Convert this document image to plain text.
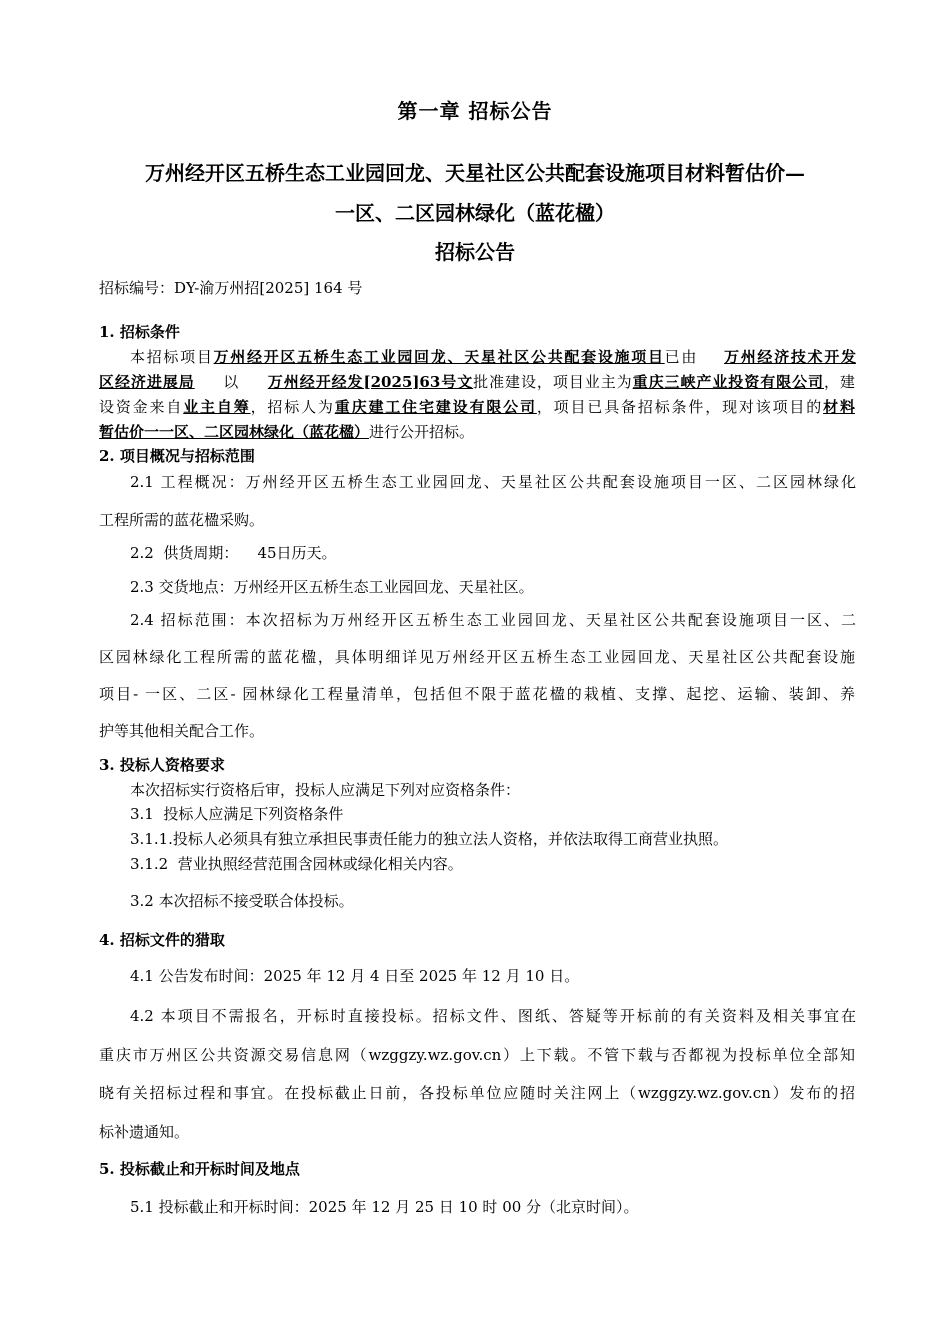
第一章 招标公告
万州经开区五桥生态工业园回龙、天星社区公共配套设施项目材料暂估价—
一区、二区园林绿化（蓝花楹）
招标公告
招标编号：DY-渝万州招[2025] 164 号
1. 招标条件
本招标项目万州经开区五桥生态工业园回龙、天星社区公共配套设施项目已由 万州经济技术开发
区经济进展局 以 万州经开经发[2025]63号文批准建设，项目业主为重庆三峡产业投资有限公司，建
设资金来自业主自筹，招标人为重庆建工住宅建设有限公司，项目已具备招标条件，现对该项目的材料
暂估价一一区、二区园林绿化（蓝花楹）进行公开招标。
2. 项目概况与招标范围
2.1 工程概况：万州经开区五桥生态工业园回龙、天星社区公共配套设施项目一区、二区园林绿化
工程所需的蓝花楹采购。
2.2  供货周期：    45日历天。
2.3 交货地点：万州经开区五桥生态工业园回龙、天星社区。
2.4 招标范围：本次招标为万州经开区五桥生态工业园回龙、天星社区公共配套设施项目一区、二
区园林绿化工程所需的蓝花楹，具体明细详见万州经开区五桥生态工业园回龙、天星社区公共配套设施
项目- 一区、二区- 园林绿化工程量清单，包括但不限于蓝花楹的栽植、支撑、起挖、运输、装卸、养
护等其他相关配合工作。
3. 投标人资格要求
本次招标实行资格后审，投标人应满足下列对应资格条件：
3.1  投标人应满足下列资格条件
3.1.1.投标人必须具有独立承担民事责任能力的独立法人资格，并依法取得工商营业执照。
3.1.2  营业执照经营范围含园林或绿化相关内容。
3.2 本次招标不接受联合体投标。
4. 招标文件的猎取
4.1 公告发布时间：2025 年 12 月 4 日至 2025 年 12 月 10 日。
4.2 本项目不需报名，开标时直接投标。招标文件、图纸、答疑等开标前的有关资料及相关事宜在
重庆市万州区公共资源交易信息网（wzggzy.wz.gov.cn）上下载。不管下载与否都视为投标单位全部知
晓有关招标过程和事宜。在投标截止日前，各投标单位应随时关注网上（wzggzy.wz.gov.cn）发布的招
标补遗通知。
5. 投标截止和开标时间及地点
5.1 投标截止和开标时间：2025 年 12 月 25 日 10 时 00 分（北京时间）。
